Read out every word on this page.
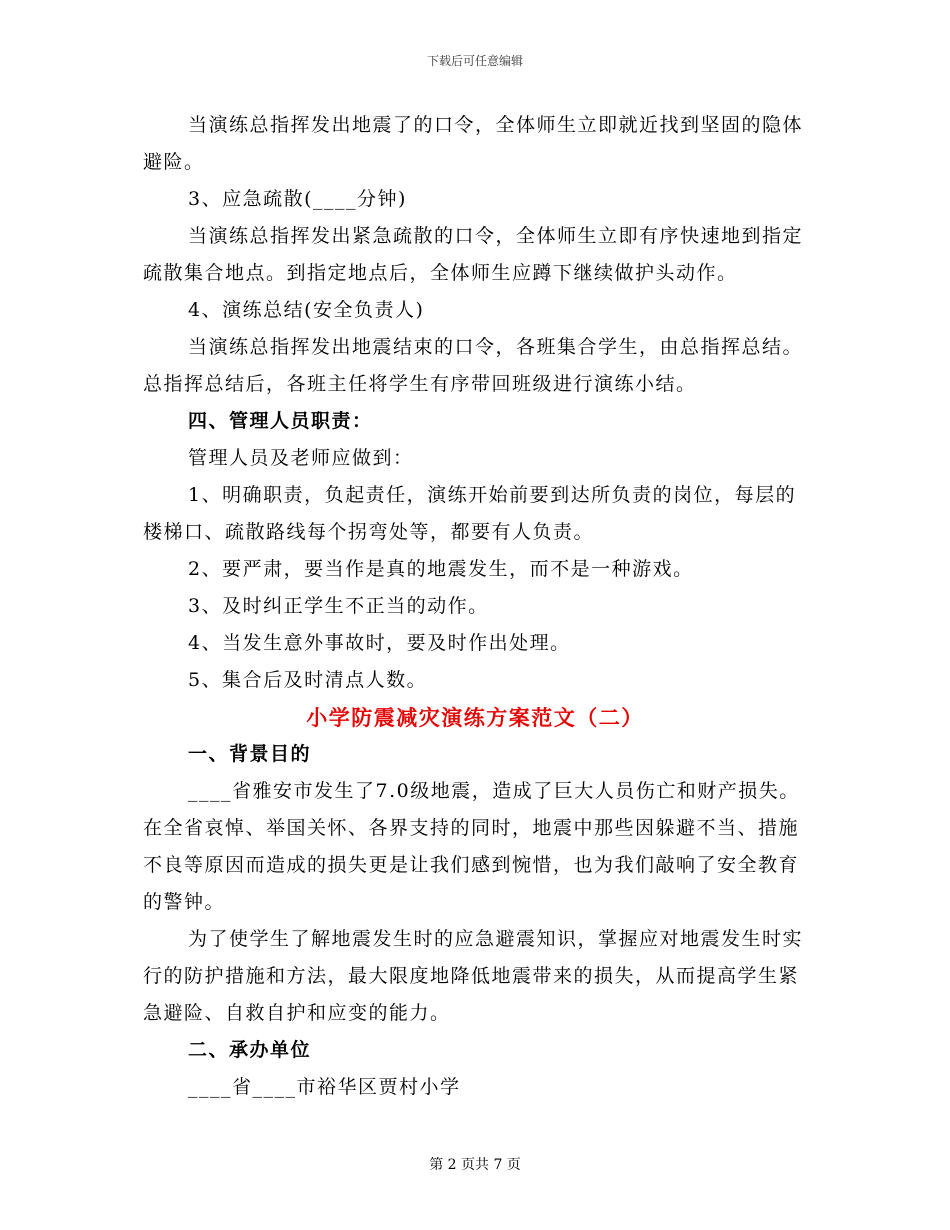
下载后可任意编辑

当演练总指挥发出地震了的口令，全体师生立即就近找到坚固的隐体避险。

3、应急疏散(____分钟)

当演练总指挥发出紧急疏散的口令，全体师生立即有序快速地到指定疏散集合地点。到指定地点后，全体师生应蹲下继续做护头动作。

4、演练总结(安全负责人)

当演练总指挥发出地震结束的口令，各班集合学生，由总指挥总结。总指挥总结后，各班主任将学生有序带回班级进行演练小结。

四、管理人员职责：

管理人员及老师应做到：

1、明确职责，负起责任，演练开始前要到达所负责的岗位，每层的楼梯口、疏散路线每个拐弯处等，都要有人负责。

2、要严肃，要当作是真的地震发生，而不是一种游戏。

3、及时纠正学生不正当的动作。

4、当发生意外事故时，要及时作出处理。

5、集合后及时清点人数。

小学防震减灾演练方案范文（二）

一、背景目的

____省雅安市发生了7.0级地震，造成了巨大人员伤亡和财产损失。在全省哀悼、举国关怀、各界支持的同时，地震中那些因躲避不当、措施不良等原因而造成的损失更是让我们感到惋惜，也为我们敲响了安全教育的警钟。

为了使学生了解地震发生时的应急避震知识，掌握应对地震发生时实行的防护措施和方法，最大限度地降低地震带来的损失，从而提高学生紧急避险、自救自护和应变的能力。

二、承办单位

____省____市裕华区贾村小学

第 2 页共 7 页
